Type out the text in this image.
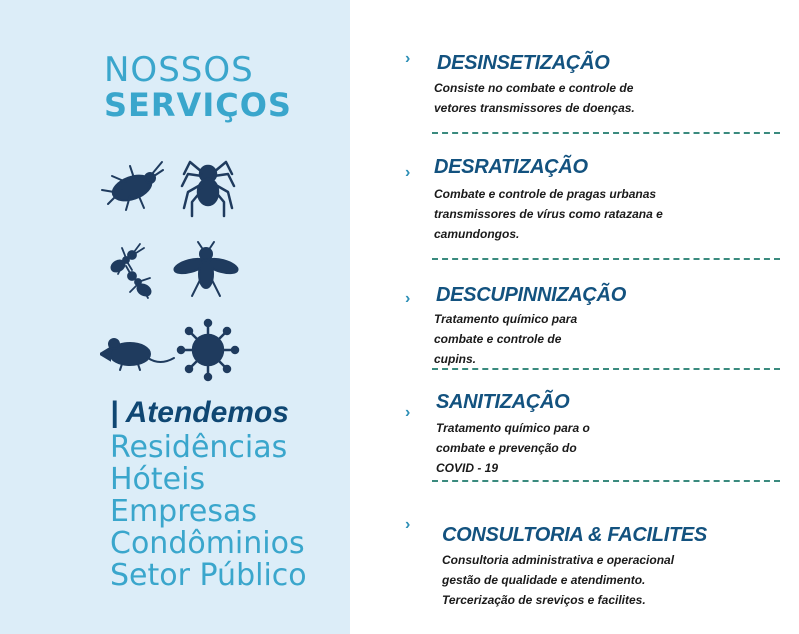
NOSSOS
SERVIÇOS
| Atendemos
Residências
Hóteis
Empresas
Condôminios
Setor Público
› DESINSETIZAÇÃO
Consiste no combate e controle de
vetores transmissores de doenças.
› DESRATIZAÇÃO
Combate e controle de pragas urbanas
transmissores de vírus como ratazana e
camundongos.
› DESCUPINNIZAÇÃO
Tratamento químico para
combate e controle de
cupins.
› SANITIZAÇÃO
Tratamento químico para o
combate e prevenção do
COVID - 19
› CONSULTORIA & FACILITES
Consultoria administrativa e operacional
gestão de qualidade e atendimento.
Tercerização de sreviços e facilites.
